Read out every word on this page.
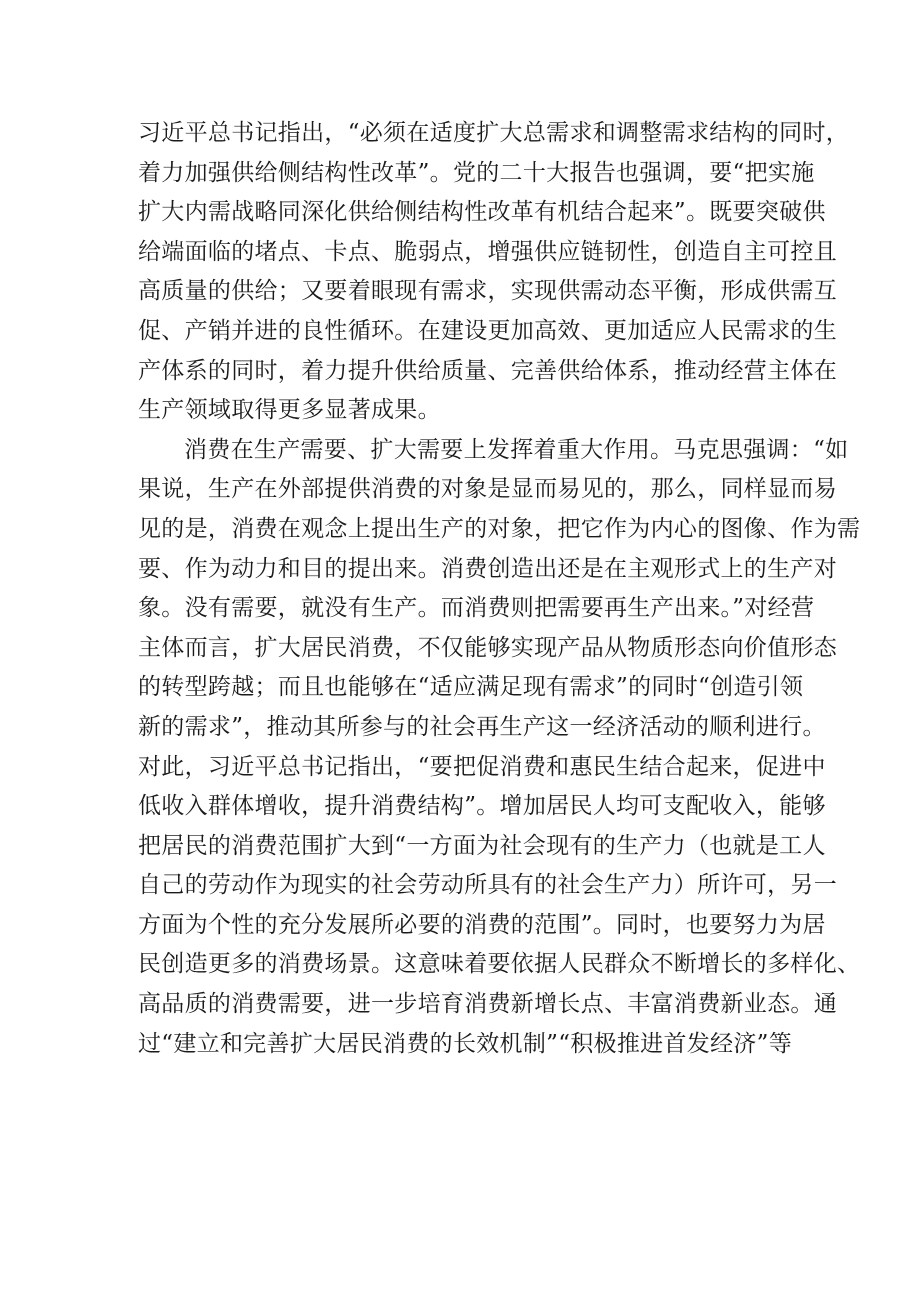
习近平总书记指出，“必须在适度扩大总需求和调整需求结构的同时，
着力加强供给侧结构性改革”。党的二十大报告也强调，要“把实施
扩大内需战略同深化供给侧结构性改革有机结合起来”。既要突破供
给端面临的堵点、卡点、脆弱点，增强供应链韧性，创造自主可控且
高质量的供给；又要着眼现有需求，实现供需动态平衡，形成供需互
促、产销并进的良性循环。在建设更加高效、更加适应人民需求的生
产体系的同时，着力提升供给质量、完善供给体系，推动经营主体在
生产领域取得更多显著成果。
消费在生产需要、扩大需要上发挥着重大作用。马克思强调：“如
果说，生产在外部提供消费的对象是显而易见的，那么，同样显而易
见的是，消费在观念上提出生产的对象，把它作为内心的图像、作为需
要、作为动力和目的提出来。消费创造出还是在主观形式上的生产对
象。没有需要，就没有生产。而消费则把需要再生产出来。”对经营
主体而言，扩大居民消费，不仅能够实现产品从物质形态向价值形态
的转型跨越；而且也能够在“适应满足现有需求”的同时“创造引领
新的需求”，推动其所参与的社会再生产这一经济活动的顺利进行。
对此，习近平总书记指出，“要把促消费和惠民生结合起来，促进中
低收入群体增收，提升消费结构”。增加居民人均可支配收入，能够
把居民的消费范围扩大到“一方面为社会现有的生产力（也就是工人
自己的劳动作为现实的社会劳动所具有的社会生产力）所许可，另一
方面为个性的充分发展所必要的消费的范围”。同时，也要努力为居
民创造更多的消费场景。这意味着要依据人民群众不断增长的多样化、
高品质的消费需要，进一步培育消费新增长点、丰富消费新业态。通
过“建立和完善扩大居民消费的长效机制”“积极推进首发经济”等
